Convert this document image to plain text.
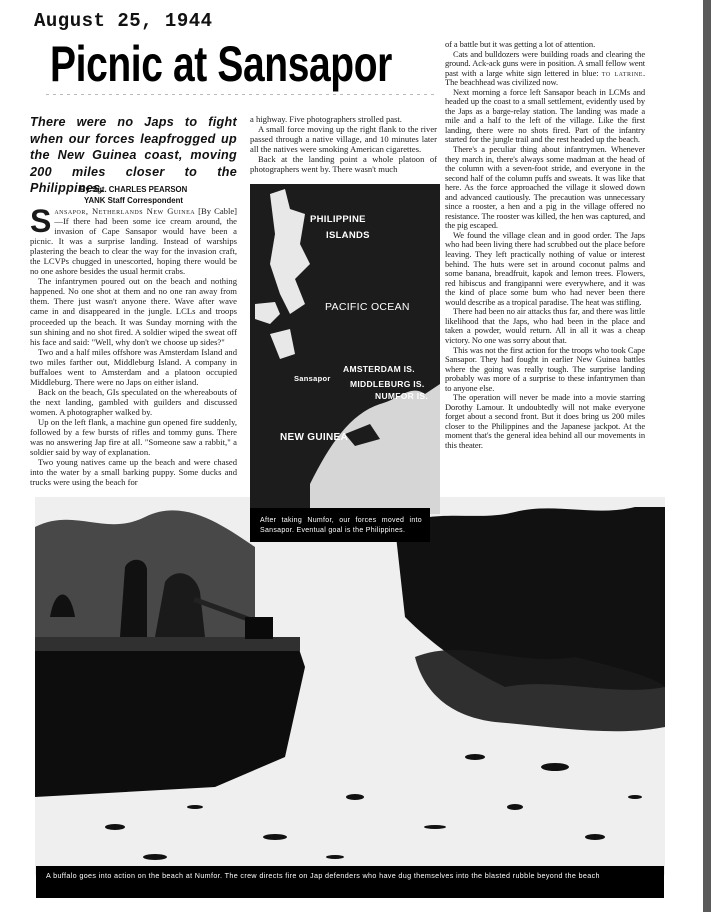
August 25, 1944
Picnic at Sansapor
There were no Japs to fight when our forces leapfrogged up the New Guinea coast, moving 200 miles closer to the Philippines.
By Sgt. CHARLES PEARSON
YANK Staff Correspondent

Sansapor, Netherlands New Guinea [By Cable]—If there had been some ice cream around, the invasion of Cape Sansapor would have been a picnic. It was a surprise landing. Instead of warships plastering the beach to clear the way for the invasion craft, the LCVPs chugged in unescorted, hoping there would be no one ashore besides the usual hermit crabs.

The infantrymen poured out on the beach and nothing happened. No one shot at them and no one ran away from them. There just wasn't anyone there. Wave after wave came in and disappeared in the jungle. LCLs and troops proceeded up the beach. It was Sunday morning with the sun shining and no shot fired. A soldier wiped the sweat off his face and said: "Well, why don't we choose up sides?"

Two and a half miles offshore was Amsterdam Island and two miles farther out, Middleburg Island. A company in buffaloes went to Amsterdam and a platoon occupied Middleburg. There were no Japs on either island.

Back on the beach, GIs speculated on the whereabouts of the next landing, gambled with guilders and discussed women. A photographer walked by.

Up on the left flank, a machine gun opened fire suddenly, followed by a few bursts of rifles and tommy guns. There was no answering Jap fire at all. "Someone saw a rabbit," a soldier said by way of explanation.

Two young natives came up the beach and were chased into the water by a small barking puppy. Some ducks and trucks were using the beach for

a highway. Five photographers strolled past.

A small force moving up the right flank to the river passed through a native village, and 10 minutes later all the natives were smoking American cigarettes.

Back at the landing point a whole platoon of photographers went by. There wasn't much

of a battle but it was getting a lot of attention.

Cats and bulldozers were building roads and clearing the ground. Ack-ack guns were in position. A small fellow went past with a large white sign lettered in blue: to latrine. The beachhead was civilized now.

Next morning a force left Sansapor beach in LCMs and headed up the coast to a small settlement, evidently used by the Japs as a barge-relay station. The landing was made a mile and a half to the left of the village. Like the first landing, there were no shots fired. Part of the infantry started for the jungle trail and the rest headed up the beach.

There's a peculiar thing about infantrymen. Whenever they march in, there's always some madman at the head of the column with a seven-foot stride, and everyone in the second half of the column puffs and sweats. It was like that here. As the force approached the village it slowed down and advanced cautiously. The precaution was unnecessary since a rooster, a hen and a pig in the village offered no resistance. The rooster was killed, the hen was captured, and the pig escaped.

We found the village clean and in good order. The Japs who had been living there had scrubbed out the place before leaving. They left practically nothing of value or interest behind. The huts were set in around coconut palms and some banana, breadfruit, kapok and lemon trees. Flowers, red hibiscus and frangipanni were everywhere, and it was the kind of place some bum who had never been there would describe as a tropical paradise. The heat was stifling.

There had been no air attacks thus far, and there was little likelihood that the Japs, who had been in the place and taken a powder, would return. All in all it was a cheap victory. No one was sorry about that.

This was not the first action for the troops who took Cape Sansapor. They had fought in earlier New Guinea battles where the going was really tough. The surprise landing probably was more of a surprise to these infantrymen than to anyone else.

The operation will never be made into a movie starring Dorothy Lamour. It undoubtedly will not make everyone forget about a second front. But it does bring us 200 miles closer to the Philippines and the Japanese jackpot. At the moment that's the general idea behind all our movements in this theater.

A buffalo goes into action on the beach at Numfor. The crew directs fire on Jap defenders who have dug themselves into the blasted rubble beyond the beach
PHILIPPINE
ISLANDS
PACIFIC OCEAN
AMSTERDAM IS.
Sansapor
MIDDLEBURG IS.
NUMFOR IS.
NEW GUINEA
After taking Numfor, our forces moved into Sansapor. Eventual goal is the Philippines.
